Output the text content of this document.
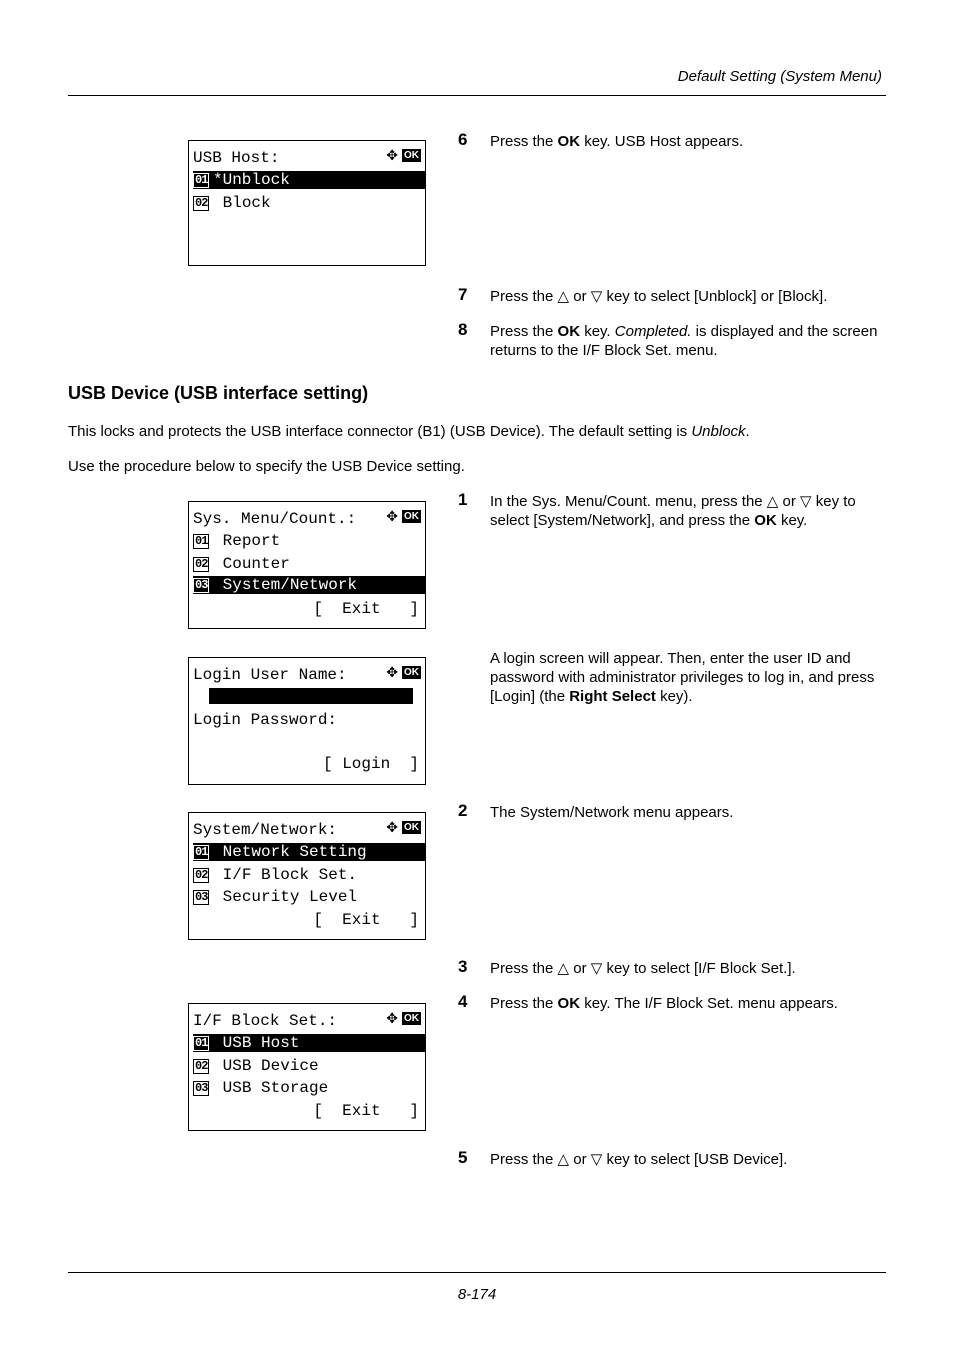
Default Setting (System Menu)
USB Host:	✥ OK
01 *Unblock
02 Block
6 Press the OK key. USB Host appears.
7 Press the △ or ▽ key to select [Unblock] or [Block].
8 Press the OK key. Completed. is displayed and the screen returns to the I/F Block Set. menu.
USB Device (USB interface setting)
This locks and protects the USB interface connector (B1) (USB Device). The default setting is Unblock.
Use the procedure below to specify the USB Device setting.
Sys. Menu/Count.:	✥ OK
01 Report
02 Counter
03 System/Network
[  Exit   ]
1 In the Sys. Menu/Count. menu, press the △ or ▽ key to select [System/Network], and press the OK key.
Login User Name:	✥ OK
Login Password:
[ Login  ]
A login screen will appear. Then, enter the user ID and password with administrator privileges to log in, and press [Login] (the Right Select key).
System/Network:	✥ OK
01 Network Setting
02 I/F Block Set.
03 Security Level
[  Exit   ]
2 The System/Network menu appears.
3 Press the △ or ▽ key to select [I/F Block Set.].
4 Press the OK key. The I/F Block Set. menu appears.
I/F Block Set.:	✥ OK
01 USB Host
02 USB Device
03 USB Storage
[  Exit   ]
5 Press the △ or ▽ key to select [USB Device].
8-174
